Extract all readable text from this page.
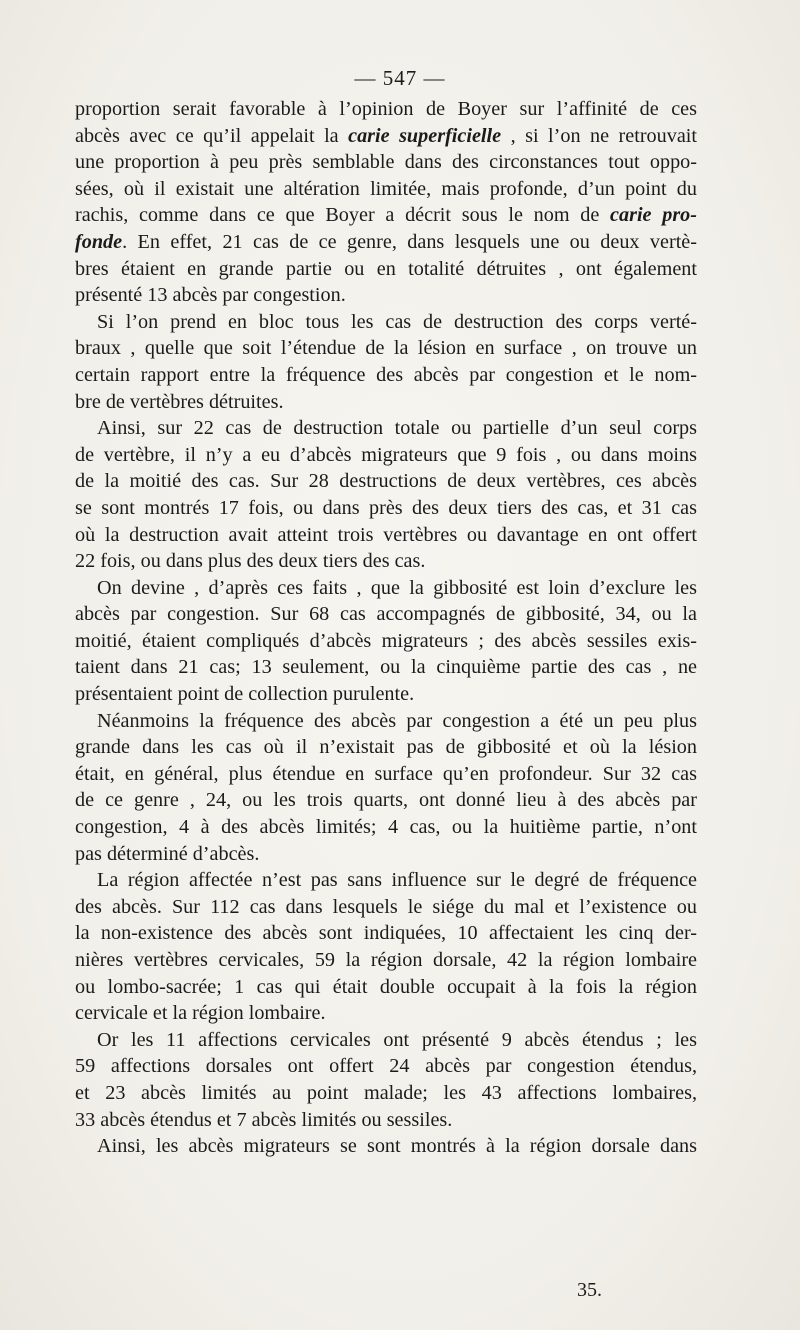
— 547 —
proportion serait favorable à l’opinion de Boyer sur l’affinité de ces
abcès avec ce qu’il appelait la carie superficielle , si l’on ne retrouvait
une proportion à peu près semblable dans des circonstances tout oppo-
sées, où il existait une altération limitée, mais profonde, d’un point du
rachis, comme dans ce que Boyer a décrit sous le nom de carie pro-
fonde. En effet, 21 cas de ce genre, dans lesquels une ou deux vertè-
bres étaient en grande partie ou en totalité détruites , ont également
présenté 13 abcès par congestion.
Si l’on prend en bloc tous les cas de destruction des corps verté-
braux , quelle que soit l’étendue de la lésion en surface , on trouve un
certain rapport entre la fréquence des abcès par congestion et le nom-
bre de vertèbres détruites.
Ainsi, sur 22 cas de destruction totale ou partielle d’un seul corps
de vertèbre, il n’y a eu d’abcès migrateurs que 9 fois , ou dans moins
de la moitié des cas. Sur 28 destructions de deux vertèbres, ces abcès
se sont montrés 17 fois, ou dans près des deux tiers des cas, et 31 cas
où la destruction avait atteint trois vertèbres ou davantage en ont offert
22 fois, ou dans plus des deux tiers des cas.
On devine , d’après ces faits , que la gibbosité est loin d’exclure les
abcès par congestion. Sur 68 cas accompagnés de gibbosité, 34, ou la
moitié, étaient compliqués d’abcès migrateurs ; des abcès sessiles exis-
taient dans 21 cas; 13 seulement, ou la cinquième partie des cas , ne
présentaient point de collection purulente.
Néanmoins la fréquence des abcès par congestion a été un peu plus
grande dans les cas où il n’existait pas de gibbosité et où la lésion
était, en général, plus étendue en surface qu’en profondeur. Sur 32 cas
de ce genre , 24, ou les trois quarts, ont donné lieu à des abcès par
congestion, 4 à des abcès limités; 4 cas, ou la huitième partie, n’ont
pas déterminé d’abcès.
La région affectée n’est pas sans influence sur le degré de fréquence
des abcès. Sur 112 cas dans lesquels le siége du mal et l’existence ou
la non-existence des abcès sont indiquées, 10 affectaient les cinq der-
nières vertèbres cervicales, 59 la région dorsale, 42 la région lombaire
ou lombo-sacrée; 1 cas qui était double occupait à la fois la région
cervicale et la région lombaire.
Or les 11 affections cervicales ont présenté 9 abcès étendus ; les
59 affections dorsales ont offert 24 abcès par congestion étendus,
et 23 abcès limités au point malade; les 43 affections lombaires,
33 abcès étendus et 7 abcès limités ou sessiles.
Ainsi, les abcès migrateurs se sont montrés à la région dorsale dans
35.
